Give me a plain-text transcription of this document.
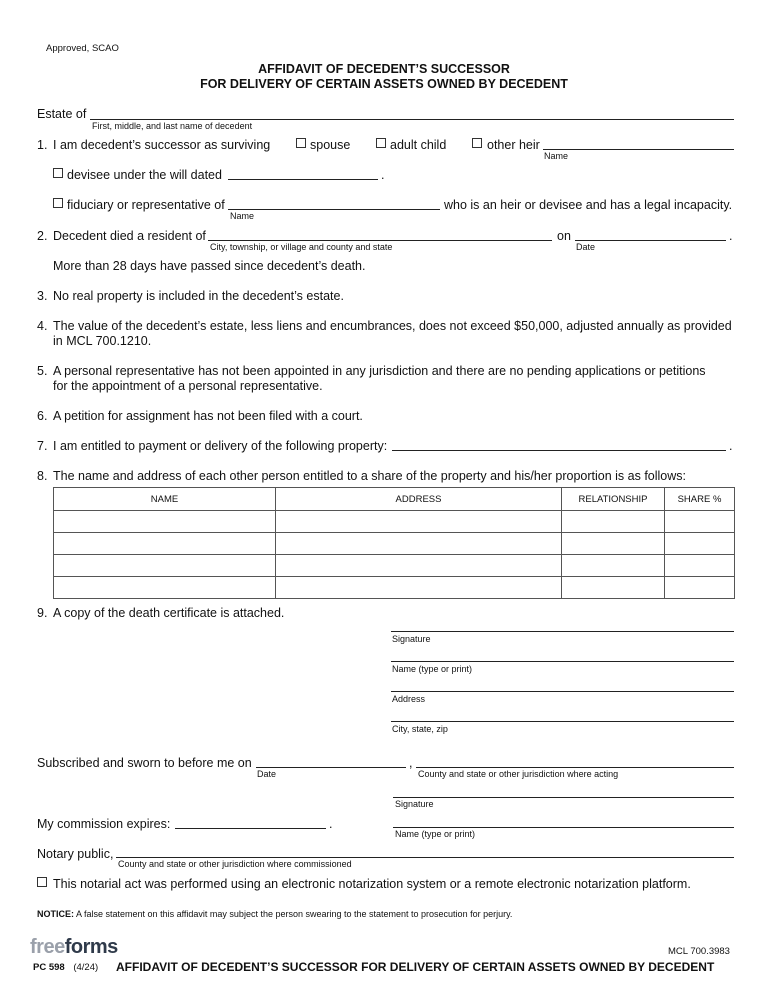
Approved, SCAO
AFFIDAVIT OF DECEDENT’S SUCCESSOR
FOR DELIVERY OF CERTAIN ASSETS OWNED BY DECEDENT
Estate of
First, middle, and last name of decedent
1. I am decedent’s successor as surviving	spouse	adult child	other heir
Name
devisee under the will dated	.
fiduciary or representative of
Name
who is an heir or devisee and has a legal incapacity.
2. Decedent died a resident of
City, township, or village and county and state
on
Date
.
More than 28 days have passed since decedent’s death.
3. No real property is included in the decedent’s estate.
4. The value of the decedent’s estate, less liens and encumbrances, does not exceed $50,000, adjusted annually as provided
in MCL 700.1210.
5. A personal representative has not been appointed in any jurisdiction and there are no pending applications or petitions
for the appointment of a personal representative.
6. A petition for assignment has not been filed with a court.
7. I am entitled to payment or delivery of the following property:	.
8. The name and address of each other person entitled to a share of the property and his/her proportion is as follows:
NAME	ADDRESS	RELATIONSHIP	SHARE %

9. A copy of the death certificate is attached.
Signature
Name (type or print)
Address
City, state, zip
Subscribed and sworn to before me on
Date
,
County and state or other jurisdiction where acting
Signature
My commission expires:	.
Name (type or print)
Notary public,
County and state or other jurisdiction where commissioned
This notarial act was performed using an electronic notarization system or a remote electronic notarization platform.
NOTICE: A false statement on this affidavit may subject the person swearing to the statement to prosecution for perjury.
freeforms	MCL 700.3983
PC 598 (4/24) AFFIDAVIT OF DECEDENT’S SUCCESSOR FOR DELIVERY OF CERTAIN ASSETS OWNED BY DECEDENT
